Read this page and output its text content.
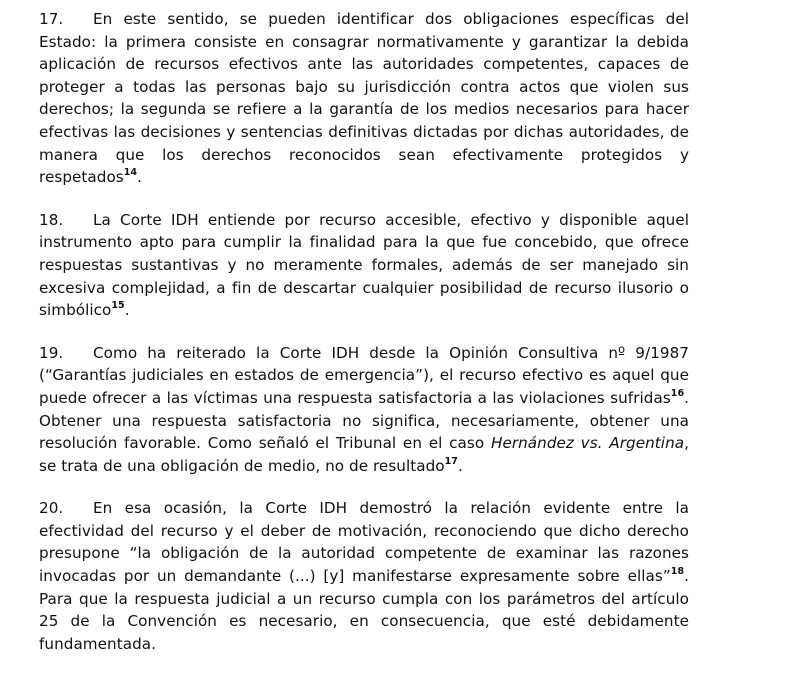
17. En este sentido, se pueden identificar dos obligaciones específicas del Estado: la primera consiste en consagrar normativamente y garantizar la debida aplicación de recursos efectivos ante las autoridades competentes, capaces de proteger a todas las personas bajo su jurisdicción contra actos que violen sus derechos; la segunda se refiere a la garantía de los medios necesarios para hacer efectivas las decisiones y sentencias definitivas dictadas por dichas autoridades, de manera que los derechos reconocidos sean efectivamente protegidos y respetados$^{14}$.

18. La Corte IDH entiende por recurso accesible, efectivo y disponible aquel instrumento apto para cumplir la finalidad para la que fue concebido, que ofrece respuestas sustantivas y no meramente formales, además de ser manejado sin excesiva complejidad, a fin de descartar cualquier posibilidad de recurso ilusorio o simbólico$^{15}$.

19. Como ha reiterado la Corte IDH desde la Opinión Consultiva nº 9/1987 (“Garantías judiciales en estados de emergencia”), el recurso efectivo es aquel que puede ofrecer a las víctimas una respuesta satisfactoria a las violaciones sufridas$^{16}$. Obtener una respuesta satisfactoria no significa, necesariamente, obtener una resolución favorable. Como señaló el Tribunal en el caso Hernández vs. Argentina, se trata de una obligación de medio, no de resultado$^{17}$.

20. En esa ocasión, la Corte IDH demostró la relación evidente entre la efectividad del recurso y el deber de motivación, reconociendo que dicho derecho presupone “la obligación de la autoridad competente de examinar las razones invocadas por un demandante (...) [y] manifestarse expresamente sobre ellas”$^{18}$. Para que la respuesta judicial a un recurso cumpla con los parámetros del artículo 25 de la Convención es necesario, en consecuencia, que esté debidamente fundamentada.
